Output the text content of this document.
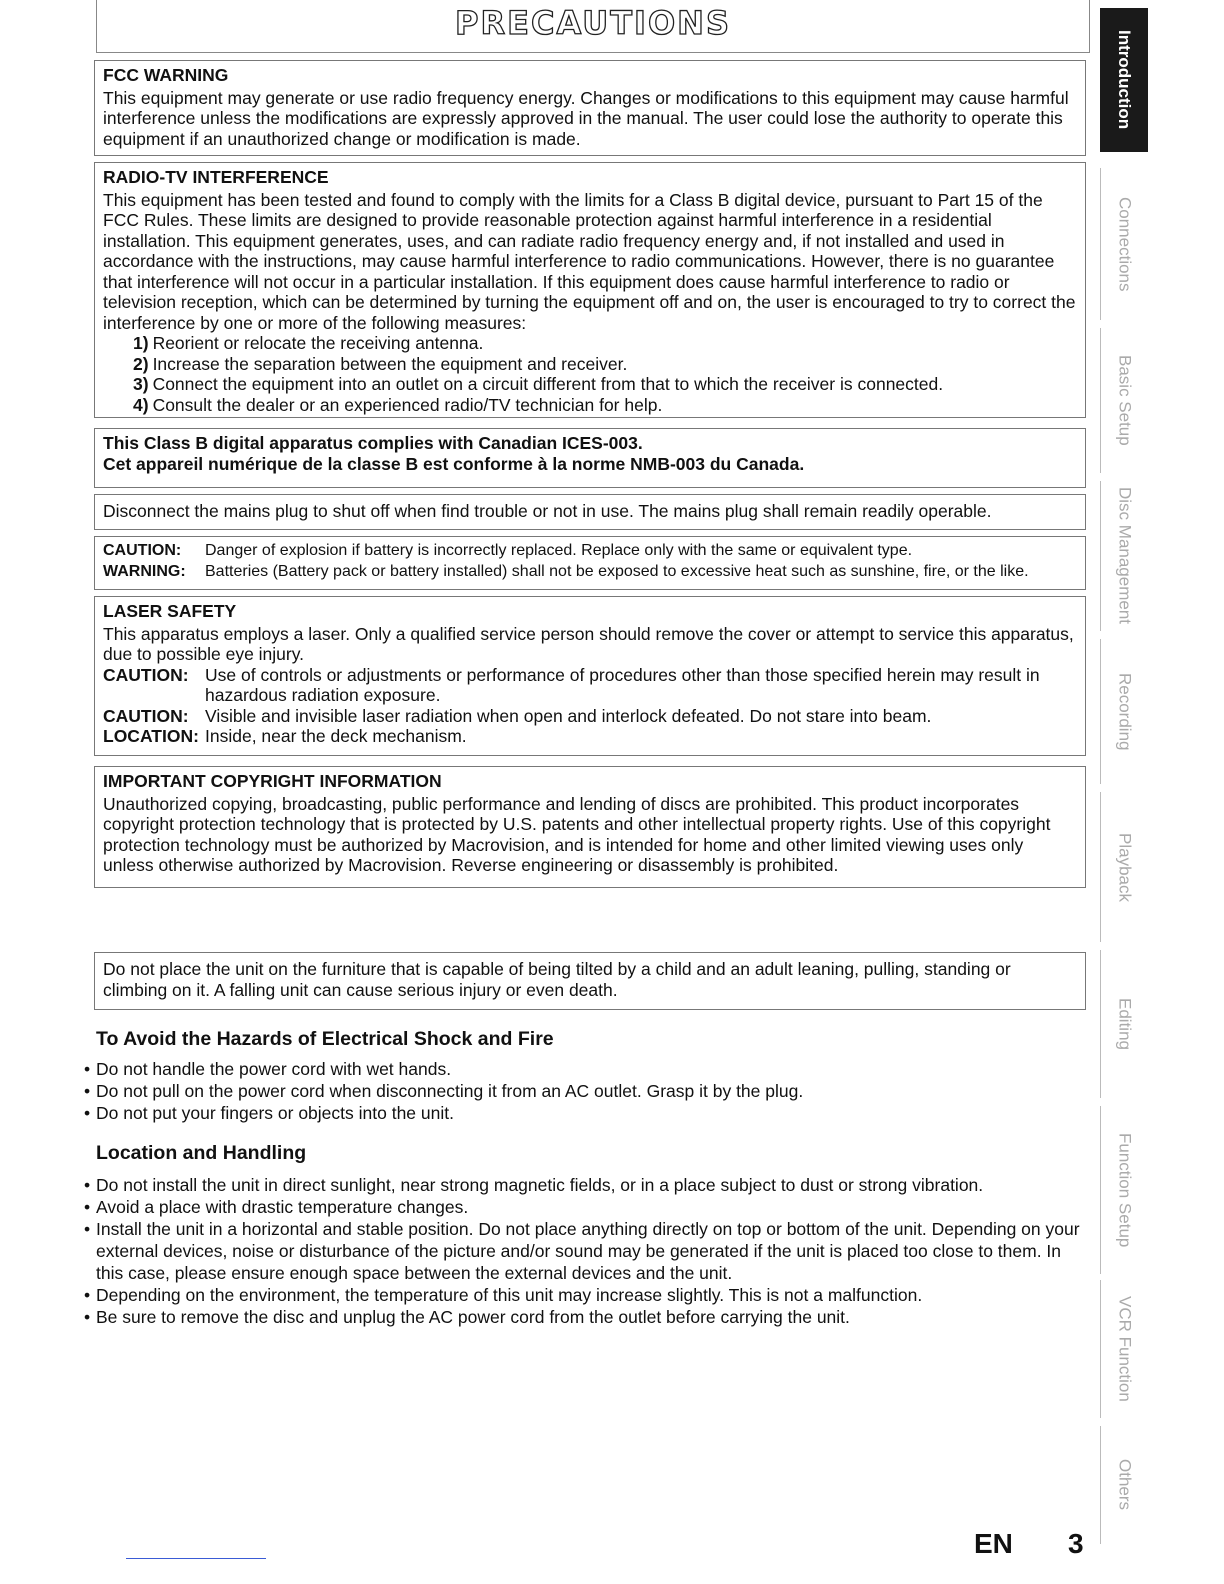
PRECAUTIONS
FCC WARNING

This equipment may generate or use radio frequency energy. Changes or modifications to this equipment may cause harmful interference unless the modifications are expressly approved in the manual. The user could lose the authority to operate this equipment if an unauthorized change or modification is made.

RADIO-TV INTERFERENCE

This equipment has been tested and found to comply with the limits for a Class B digital device, pursuant to Part 15 of the FCC Rules. These limits are designed to provide reasonable protection against harmful interference in a residential installation. This equipment generates, uses, and can radiate radio frequency energy and, if not installed and used in accordance with the instructions, may cause harmful interference to radio communications. However, there is no guarantee that interference will not occur in a particular installation. If this equipment does cause harmful interference to radio or television reception, which can be determined by turning the equipment off and on, the user is encouraged to try to correct the interference by one or more of the following measures:

1) Reorient or relocate the receiving antenna.
2) Increase the separation between the equipment and receiver.
3) Connect the equipment into an outlet on a circuit different from that to which the receiver is connected.
4) Consult the dealer or an experienced radio/TV technician for help.

This Class B digital apparatus complies with Canadian ICES-003.

Cet appareil numérique de la classe B est conforme à la norme NMB-003 du Canada.

Disconnect the mains plug to shut off when find trouble or not in use. The mains plug shall remain readily operable.

CAUTION:	Danger of explosion if battery is incorrectly replaced. Replace only with the same or equivalent type.
WARNING:	Batteries (Battery pack or battery installed) shall not be exposed to excessive heat such as sunshine, fire, or the like.
LASER SAFETY

This apparatus employs a laser. Only a qualified service person should remove the cover or attempt to service this apparatus, due to possible eye injury.

CAUTION: Use of controls or adjustments or performance of procedures other than those specified herein may result in hazardous radiation exposure.
CAUTION: Visible and invisible laser radiation when open and interlock defeated. Do not stare into beam.
LOCATION: Inside, near the deck mechanism.
IMPORTANT COPYRIGHT INFORMATION

Unauthorized copying, broadcasting, public performance and lending of discs are prohibited. This product incorporates copyright protection technology that is protected by U.S. patents and other intellectual property rights. Use of this copyright protection technology must be authorized by Macrovision, and is intended for home and other limited viewing uses only unless otherwise authorized by Macrovision. Reverse engineering or disassembly is prohibited.

Do not place the unit on the furniture that is capable of being tilted by a child and an adult leaning, pulling, standing or climbing on it. A falling unit can cause serious injury or even death.

To Avoid the Hazards of Electrical Shock and Fire
• Do not handle the power cord with wet hands.
• Do not pull on the power cord when disconnecting it from an AC outlet. Grasp it by the plug.
• Do not put your fingers or objects into the unit.
Location and Handling
• Do not install the unit in direct sunlight, near strong magnetic fields, or in a place subject to dust or strong vibration.
• Avoid a place with drastic temperature changes.
• Install the unit in a horizontal and stable position. Do not place anything directly on top or bottom of the unit. Depending on your external devices, noise or disturbance of the picture and/or sound may be generated if the unit is placed too close to them. In this case, please ensure enough space between the external devices and the unit.
• Depending on the environment, the temperature of this unit may increase slightly. This is not a malfunction.
• Be sure to remove the disc and unplug the AC power cord from the outlet before carrying the unit.
Introduction
Connections
Basic Setup
Disc Management
Recording
Playback
Editing
Function Setup
VCR Function
Others
EN 3
